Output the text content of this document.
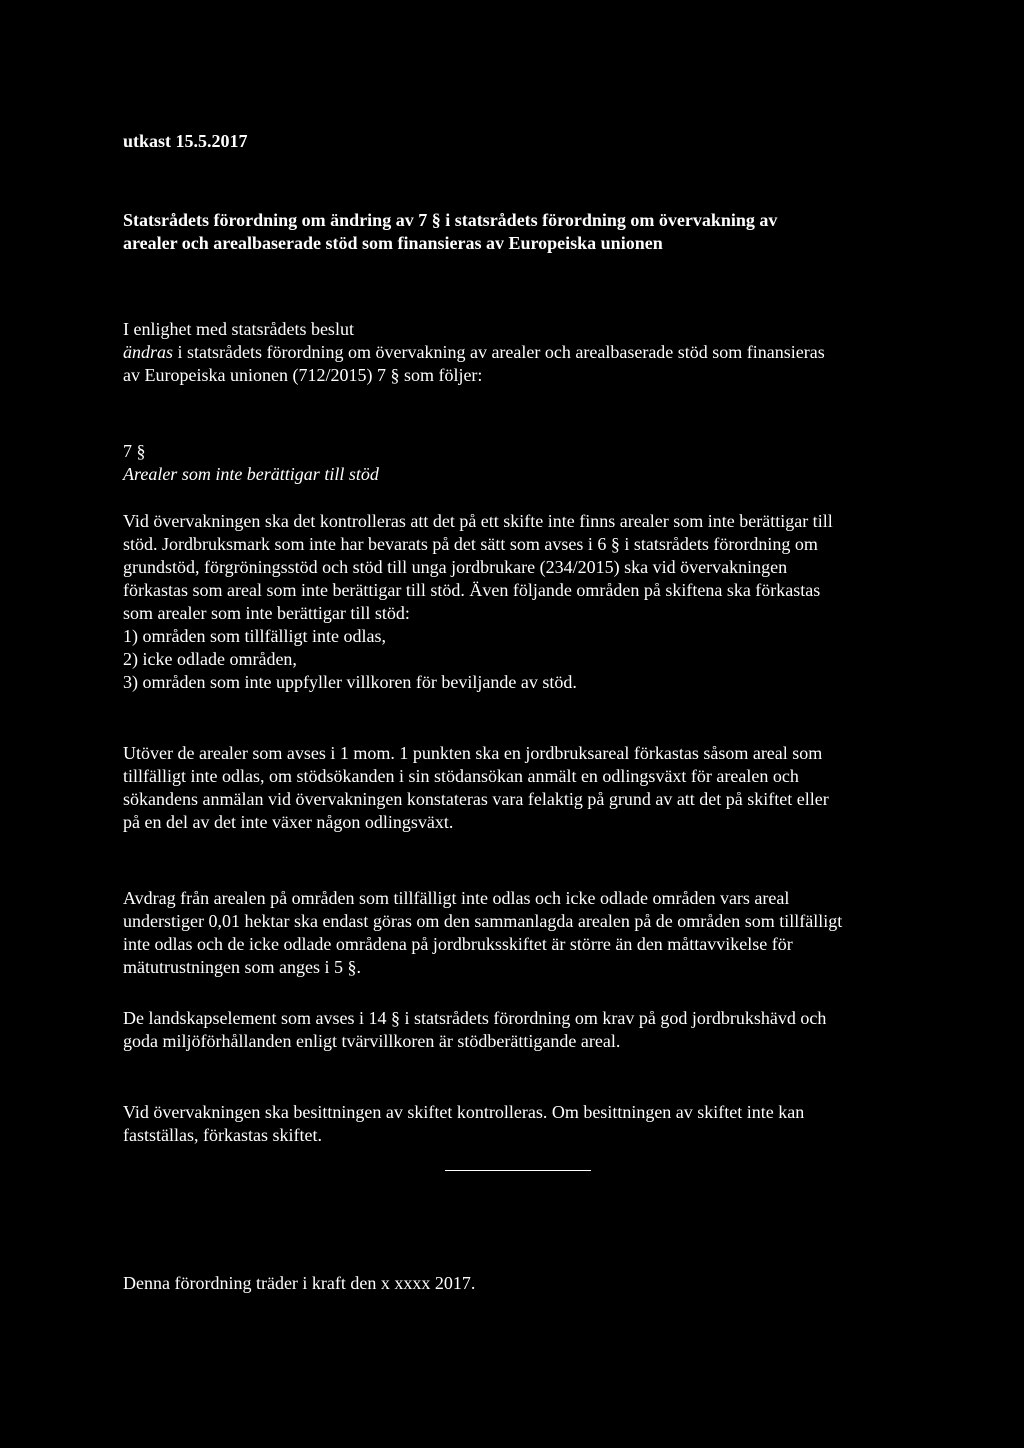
utkast 15.5.2017
Statsrådets förordning om ändring av 7 § i statsrådets förordning om övervakning av arealer och arealbaserade stöd som finansieras av Europeiska unionen

I enlighet med statsrådets beslut

ändras i statsrådets förordning om övervakning av arealer och arealbaserade stöd som finansieras av Europeiska unionen (712/2015) 7 § som följer:

7 §
Arealer som inte berättigar till stöd

Vid övervakningen ska det kontrolleras att det på ett skifte inte finns arealer som inte berättigar till stöd. Jordbruksmark som inte har bevarats på det sätt som avses i 6 § i statsrådets förordning om grundstöd, förgröningsstöd och stöd till unga jordbrukare (234/2015) ska vid övervakningen förkastas som areal som inte berättigar till stöd. Även följande områden på skiftena ska förkastas som arealer som inte berättigar till stöd:

1) områden som tillfälligt inte odlas,
2) icke odlade områden,
3) områden som inte uppfyller villkoren för beviljande av stöd.
Utöver de arealer som avses i 1 mom. 1 punkten ska en jordbruksareal förkastas såsom areal som tillfälligt inte odlas, om stödsökanden i sin stödansökan anmält en odlingsväxt för arealen och sökandens anmälan vid övervakningen konstateras vara felaktig på grund av att det på skiftet eller på en del av det inte växer någon odlingsväxt.
Avdrag från arealen på områden som tillfälligt inte odlas och icke odlade områden vars areal understiger 0,01 hektar ska endast göras om den sammanlagda arealen på de områden som tillfälligt inte odlas och de icke odlade områdena på jordbruksskiftet är större än den måttavvikelse för mätutrustningen som anges i 5 §.
De landskapselement som avses i 14 § i statsrådets förordning om krav på god jordbrukshävd och goda miljöförhållanden enligt tvärvillkoren är stödberättigande areal.
Vid övervakningen ska besittningen av skiftet kontrolleras. Om besittningen av skiftet inte kan fastställas, förkastas skiftet.
Denna förordning träder i kraft den x xxxx 2017.
